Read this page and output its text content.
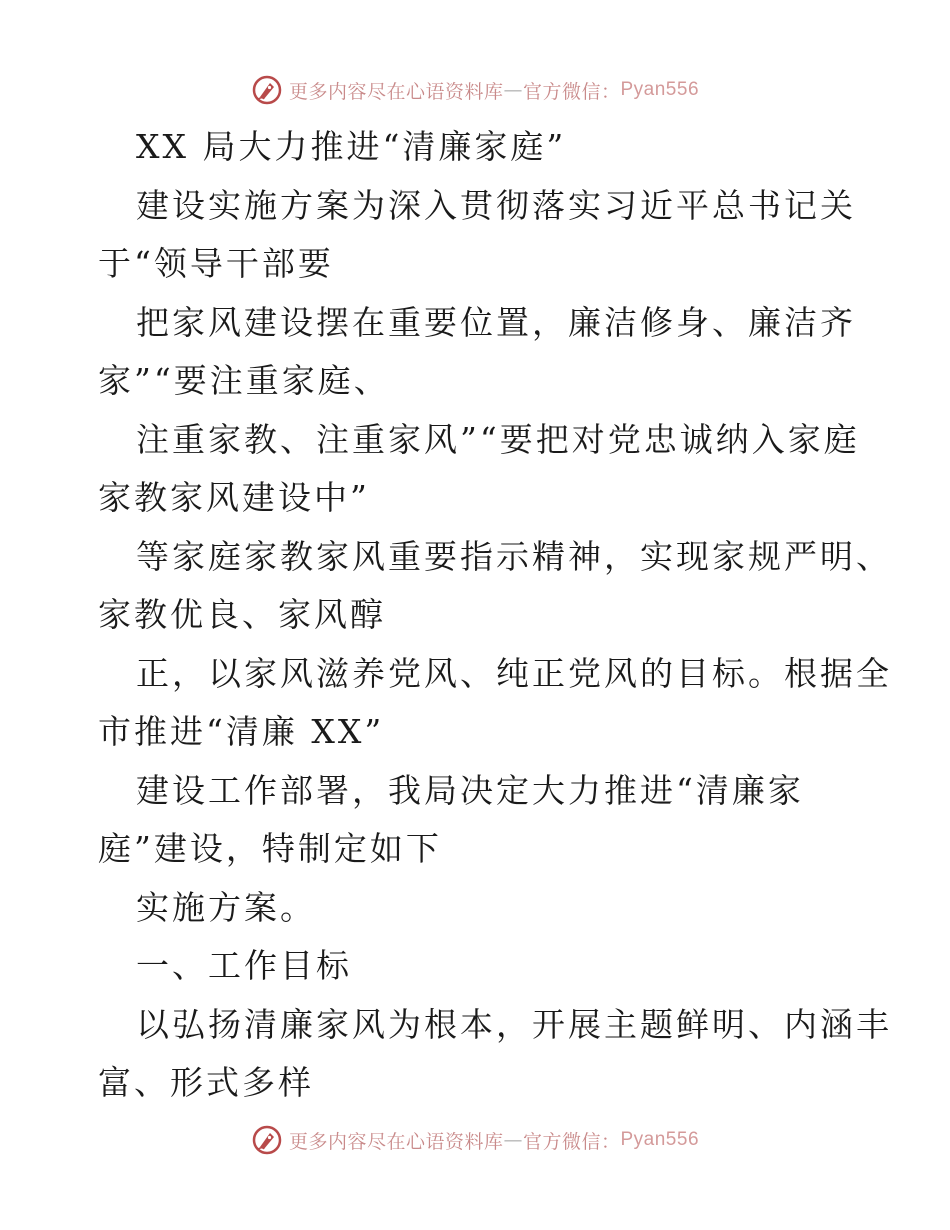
更多内容尽在心语资料库 — 官方微信： Pyan556
XX 局大力推进“清廉家庭”
建设实施方案为深入贯彻落实习近平总书记关
于“领导干部要
把家风建设摆在重要位置，廉洁修身、廉洁齐
家”“要注重家庭、
注重家教、注重家风”“要把对党忠诚纳入家庭
家教家风建设中”
等家庭家教家风重要指示精神，实现家规严明、
家教优良、家风醇
正，以家风滋养党风、纯正党风的目标。根据全
市推进“清廉 XX”
建设工作部署，我局决定大力推进“清廉家
庭”建设，特制定如下
实施方案。
一、工作目标
以弘扬清廉家风为根本，开展主题鲜明、内涵丰
富、形式多样
更多内容尽在心语资料库 — 官方微信： Pyan556
